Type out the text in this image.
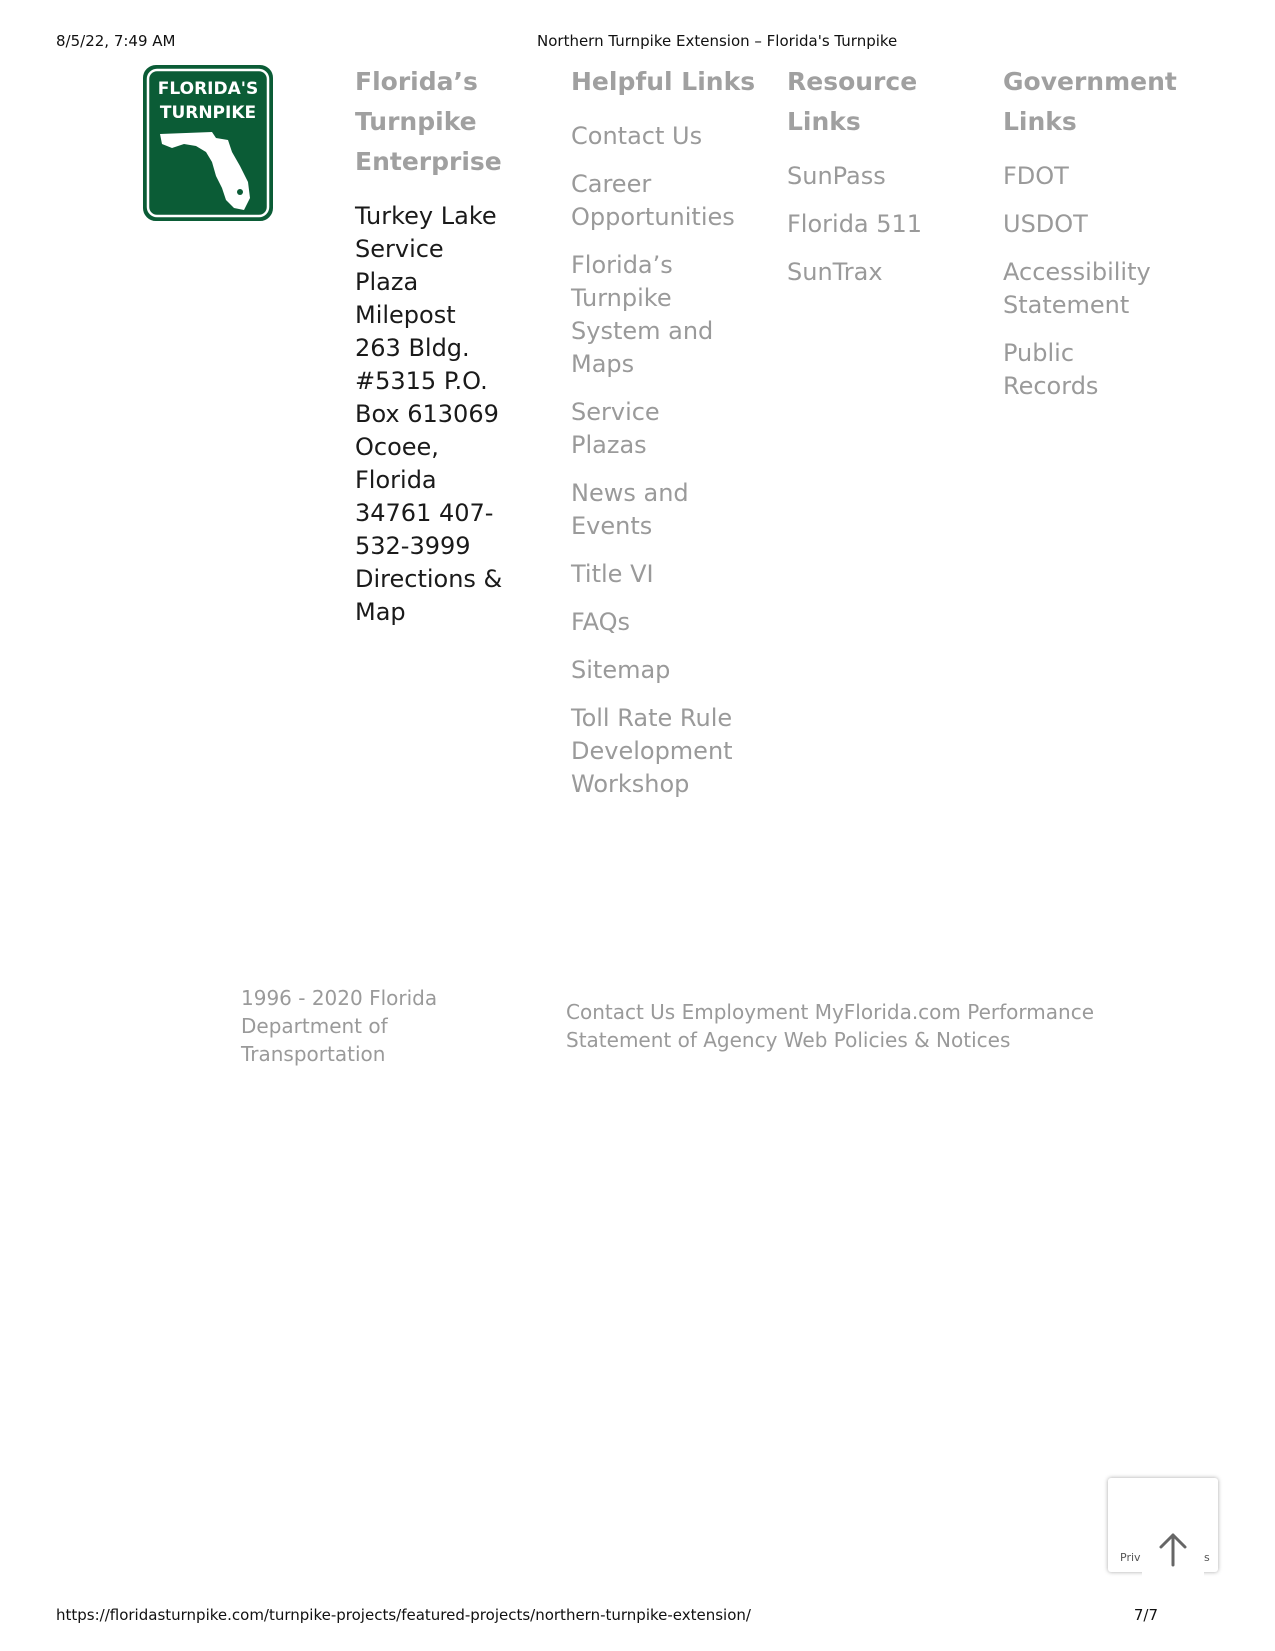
8/5/22, 7:49 AM	Northern Turnpike Extension – Florida's Turnpike
FLORIDA'S
TURNPIKE
Florida’s Turnpike Enterprise
Turkey Lake Service Plaza Milepost 263 Bldg. #5315 P.O. Box 613069 Ocoee, Florida 34761 407-532-3999 Directions & Map
Helpful Links
Contact Us
Career Opportunities
Florida’s Turnpike System and Maps
Service Plazas
News and Events
Title VI
FAQs
Sitemap
Toll Rate Rule Development Workshop
Resource Links
SunPass
Florida 511
SunTrax
Government Links
FDOT
USDOT
Accessibility Statement
Public Records
1996 - 2020 Florida Department of Transportation
Contact Us Employment MyFlorida.com Performance Statement of Agency Web Policies & Notices
Priv	s
https://floridasturnpike.com/turnpike-projects/featured-projects/northern-turnpike-extension/	7/7
